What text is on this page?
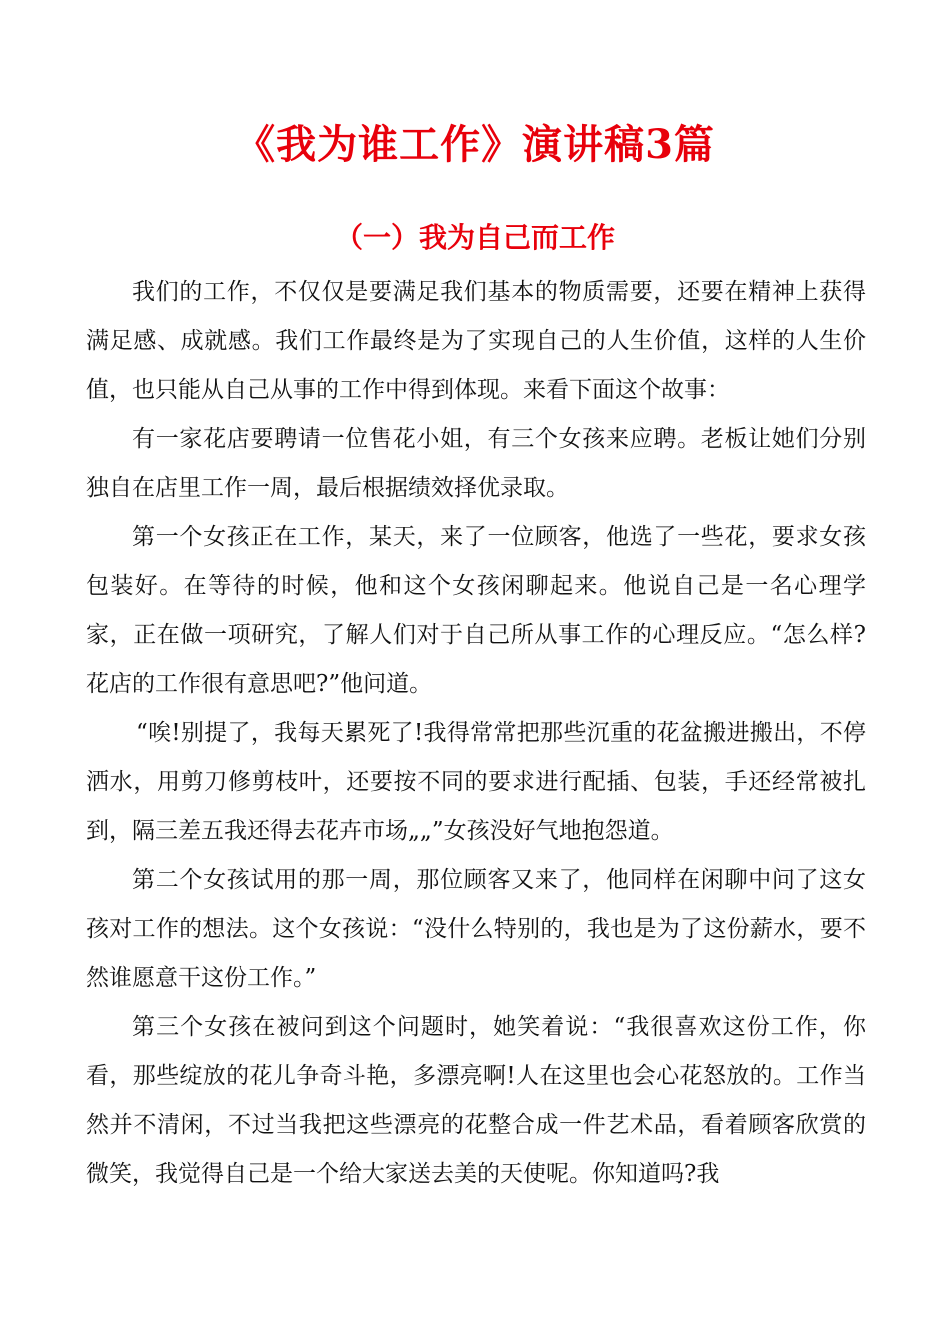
《我为谁工作》演讲稿3篇
（一）我为自己而工作

我们的工作，不仅仅是要满足我们基本的物质需要，还要在精神上获得满足感、成就感。我们工作最终是为了实现自己的人生价值，这样的人生价值，也只能从自己从事的工作中得到体现。来看下面这个故事：

有一家花店要聘请一位售花小姐，有三个女孩来应聘。老板让她们分别独自在店里工作一周，最后根据绩效择优录取。

第一个女孩正在工作，某天，来了一位顾客，他选了一些花，要求女孩包装好。在等待的时候，他和这个女孩闲聊起来。他说自己是一名心理学家，正在做一项研究，了解人们对于自己所从事工作的心理反应。“怎么样?花店的工作很有意思吧?”他问道。

“唉!别提了，我每天累死了!我得常常把那些沉重的花盆搬进搬出，不停洒水，用剪刀修剪枝叶，还要按不同的要求进行配插、包装，手还经常被扎到，隔三差五我还得去花卉市场„„”女孩没好气地抱怨道。

第二个女孩试用的那一周，那位顾客又来了，他同样在闲聊中问了这女孩对工作的想法。这个女孩说：“没什么特别的，我也是为了这份薪水，要不然谁愿意干这份工作。”

第三个女孩在被问到这个问题时，她笑着说：“我很喜欢这份工作，你看，那些绽放的花儿争奇斗艳，多漂亮啊!人在这里也会心花怒放的。工作当然并不清闲，不过当我把这些漂亮的花整合成一件艺术品，看着顾客欣赏的微笑，我觉得自己是一个给大家送去美的天使呢。你知道吗?我
